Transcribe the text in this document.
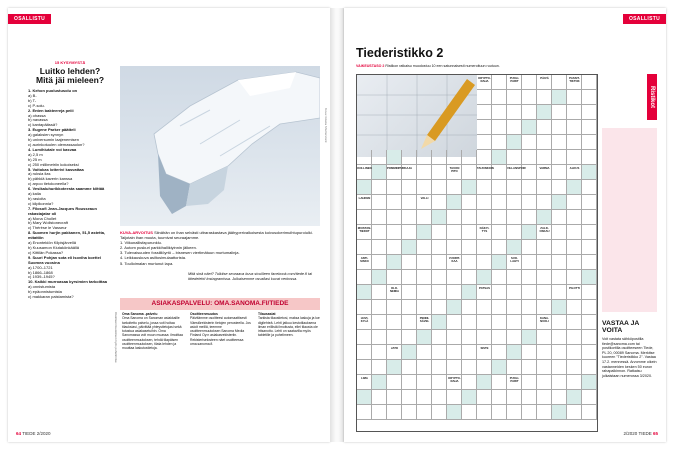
OSALLISTU
15 KYSYMYSTÄ
Luitko lehden?
Mitä jäi mieleen?
1. Kehon puolustusolu on
a) B-
b) T-
c) P-solu.
2. Enten bakteereja peiii
a) ohassa
b) navassa
c) kantapäässä?
3. Eugene Parker päätteli
a) galaksien synnyn
b) universumin laajenemisen
c) aurinkotuulen olemassaolon?
4. Lumihiutale voi kasvaa
a) 2,5 m
b) 25 m
c) 250 millimetriin kokoiseksi
5. Voitokas lotterivi kasvattaa
a) ruksia ilas
b) pähkiä kaverin kanssa
c) arpoo tietokoneella?
6. Vesikaluhurikkoteesta saamme kiittää
a) kaiia
b) rasioita
c) kilpikonnia?
7. Filosofi Jean-Jacques Rousseaun rakastajatar oli
a) Mona Chollet
b) Mary Wollstonecraft
c) Thérèse le Vasseur
8. Suomen hurjin pakkanen, 51,5 astetta, mitattiin
a) Enontekiön Kilpisjärvellä
b) Kuusamon Kiutakönkäällä
c) Kittilän Pokassa?
9. Suuri Pohjan sota eli Isoviha koettel Suomea vuosina
a) 1700–1721
b) 1866–1868
c) 1939–1945?
10. Kaikki murroasaa kyrsimien tarkoittaa
a) onnistumista
b) epäonnistumista
c) makkaran paistamista?
Kuva: Gisela Shutterstock
KUVA-ARVOITUS Siinähän on ihan selvästi ultraraskastava jäähyperivalkoisesta koivusokerimuihtupuroiulki. Taijotain ihan muuta, tuumivat seuraajamme.
1. Viikunallisfapurunklu.
2. Autom puskuri parkkihallikiyinnin jälkeen.
3. Tulevaisuuden fossiiliöyrtö – bisnesen viertimätuun murtumalinja.
4. Leikkauskuva asiltosimulaattorista.
5. Toulloimalan murtunut lapa.
Mitä sinä näet? Tulkitse seuraava kuva sivuilleen facebook.com/tiede.fi tai #tiedelehti Instagramissa. Julkaisemme osvallasi kuvat verkossa.
ASIAKASPALVELU: OMA.SANOMA.FI/TIEDE
Osoitteenmuutokset myös puhelimitse Oma Sanoma -palvelu
Oma Sanoma on Sanoman asiakkaille tarkoitettu palvelu, jossa voit hoitaa tilauksiasi, päivittää yhteystietojasi sekä tutustua asiakasetuihin. Oma Sanomassa voit muun muassa: ilmoittaa osoitteenmuutoksen, tehdä tilapäisen osoitteenmuutoksen, tilata lehden ja muuttaa laskutustietoja.
Osoitteenmuutos
Päivitämme osoitteesi automaattisesti Väestörekisterin tietojen perusteella. Jos asioit meillä, teemme osoitteenmuutoksen Sanoma Media Finland Oy:n asiakasrekisteriin. Rekisteriselosteen näet osoitteessa oma.sanoma.fi.
Tilausasiat
Tarkista tilaustietosi, maksa laskuja ja lue digilehteä. Lehti jatkuu kestotilauksena ilman erillistä ilmoitusta, ellei tilausta ole irtisanottu. Lehti on saatavilla myös tabletille ja puhelimeen.
64 TIEDE 2/2020
OSALLISTU
Tiederistikko 2
VAIKEUSTASO 2 Ristikon ratkaisu muodostuu 10 een satunnaisesti numeroituun ruutuun.
KRYPTO-RAHA
PUOLI-PARIT
PÄIVÄ	PASSIT-TIKTOK
KOI-LINEN	POMMINPURKAJA	TAUON PITO
TAUONKOIN	VILLANSPUIR	VARMA	ALKUS
LAHDEN	VALLI
MUISTAN-TIEDOT
NÄKYI-TYS
ZALD-OSKAU
ANTI-SISKO
VUORIT-KAA
SUO-LAHTI
OLO-NEMIA
PATSAS	PILOTTI
HUVI-KYLÄ
PENNI-SÄVEL
KANA-NUOLI
JATO	SISTE
LIMA	KRYPTO-RAHA
PUOLI-PARIT
Ristikot
VASTAA JA VOITA
Voit vastata sähköpostilla tiede@sanoma.com tai postikortilla osoitteeseen Tiede, PL 20, 00089 Sanoma. Merkitse kuoreen "Tiederistikko 2". Vastaa 17.2. mennessä. Arvomme oikein vastanneiden kesken 50 euron rahapalkinnon. Ratkaisu julkaistaan numerossa 3/2020.
2/2020 TIEDE 65
